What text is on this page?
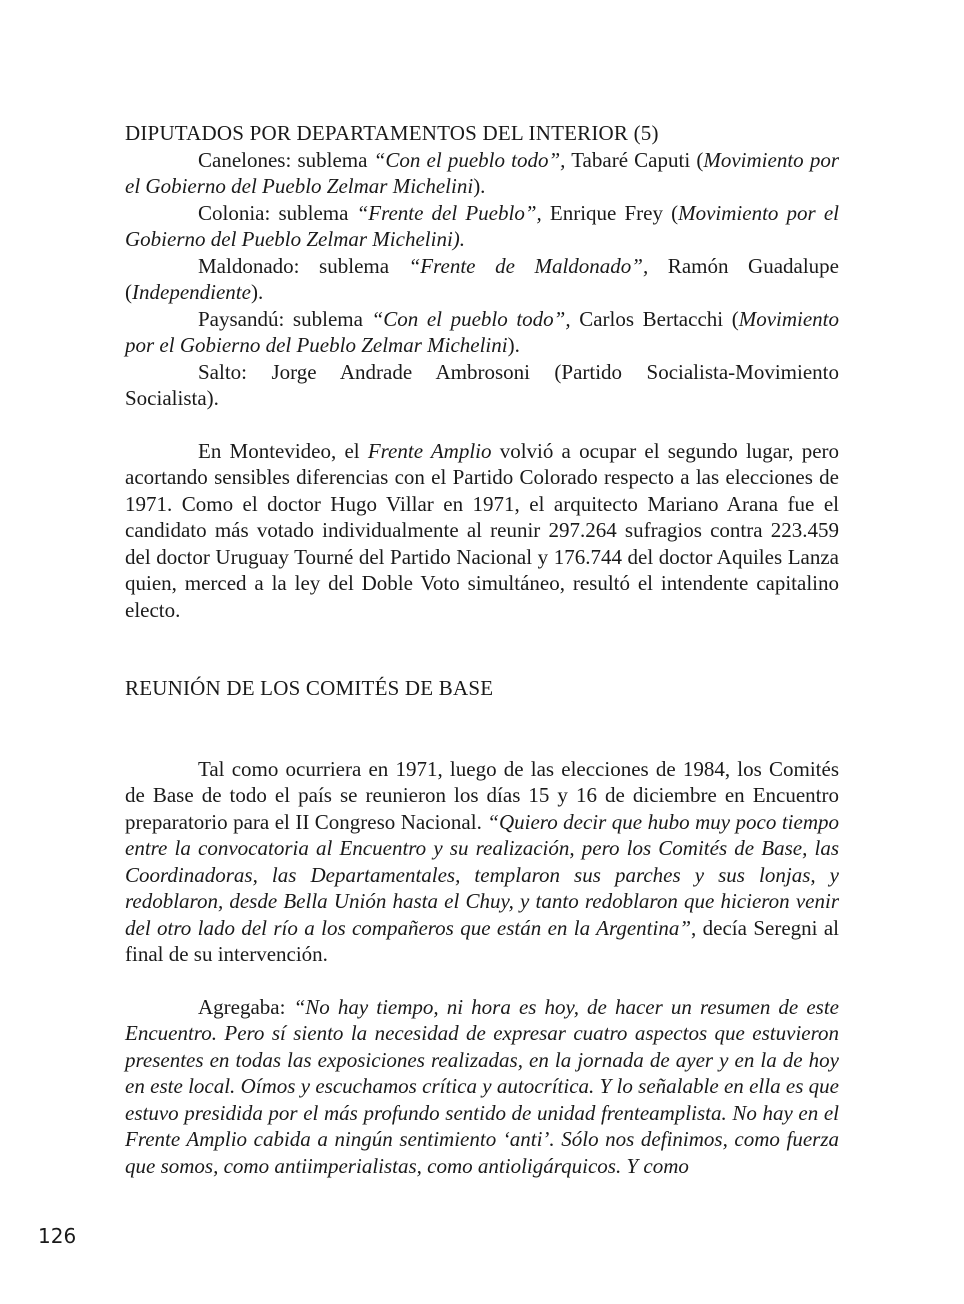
DIPUTADOS POR DEPARTAMENTOS DEL INTERIOR (5)

Canelones: sublema “Con el pueblo todo”, Tabaré Caputi (Movimiento por el Gobierno del Pueblo Zelmar Michelini).

Colonia: sublema “Frente del Pueblo”, Enrique Frey (Movimiento por el Gobierno del Pueblo Zelmar Michelini).

Maldonado: sublema “Frente de Maldonado”, Ramón Guadalupe (Independiente).

Paysandú: sublema “Con el pueblo todo”, Carlos Bertacchi (Movimiento por el Gobierno del Pueblo Zelmar Michelini).

Salto: Jorge Andrade Ambrosoni (Partido Socialista-Movimiento Socialista).

En Montevideo, el Frente Amplio volvió a ocupar el segundo lugar, pero acortando sensibles diferencias con el Partido Colorado respecto a las elecciones de 1971. Como el doctor Hugo Villar en 1971, el arquitecto Mariano Arana fue el candidato más votado individualmente al reunir 297.264 sufragios contra 223.459 del doctor Uruguay Tourné del Partido Nacional y 176.744 del doctor Aquiles Lanza quien, merced a la ley del Doble Voto simultáneo, resultó el intendente capitalino electo.

REUNIÓN DE LOS COMITÉS DE BASE

Tal como ocurriera en 1971, luego de las elecciones de 1984, los Comités de Base de todo el país se reunieron los días 15 y 16 de diciembre en Encuentro preparatorio para el II Congreso Nacional. “Quiero decir que hubo muy poco tiempo entre la convocatoria al Encuentro y su realización, pero los Comités de Base, las Coordinadoras, las Departamentales, templaron sus parches y sus lonjas, y redoblaron, desde Bella Unión hasta el Chuy, y tanto redoblaron que hicieron venir del otro lado del río a los compañeros que están en la Argentina”, decía Seregni al final de su intervención.

Agregaba: “No hay tiempo, ni hora es hoy, de hacer un resumen de este Encuentro. Pero sí siento la necesidad de expresar cuatro aspectos que estuvieron presentes en todas las exposiciones realizadas, en la jornada de ayer y en la de hoy en este local. Oímos y escuchamos crítica y autocrítica. Y lo señalable en ella es que estuvo presidida por el más profundo sentido de unidad frenteamplista. No hay en el Frente Amplio cabida a ningún sentimiento ‘anti’. Sólo nos definimos, como fuerza que somos, como antiimperialistas, como antioligárquicos. Y como

126
